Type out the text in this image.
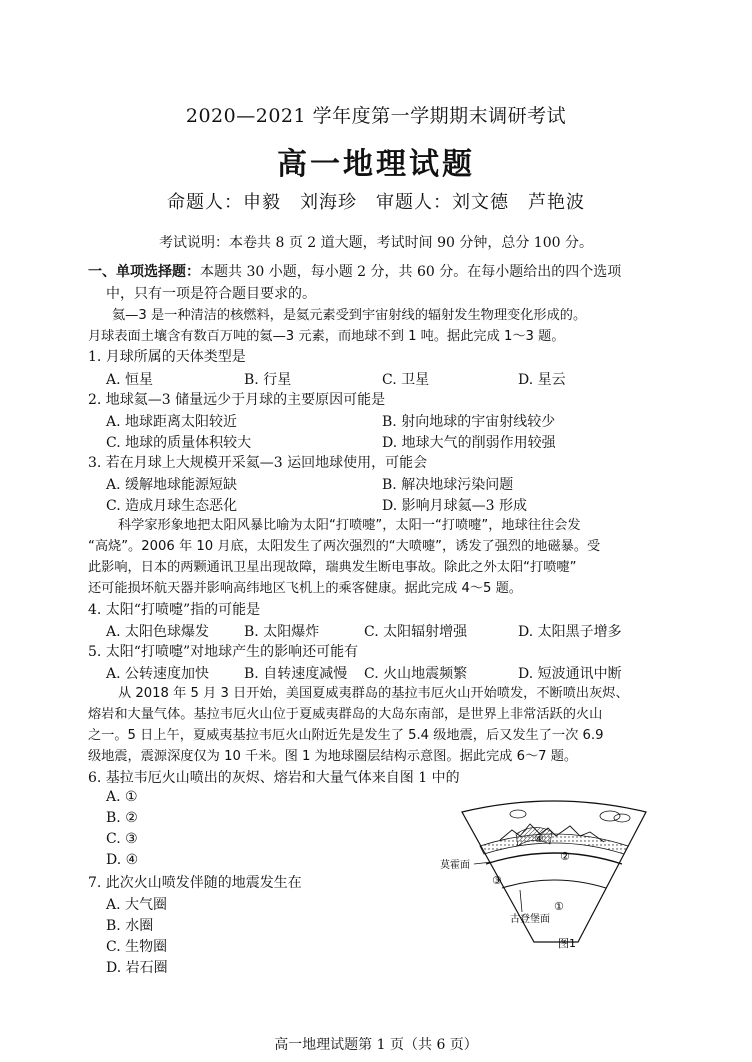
2020—2021 学年度第一学期期末调研考试
高一地理试题
命题人：申毅　刘海珍　审题人：刘文德　芦艳波
考试说明：本卷共 8 页 2 道大题，考试时间 90 分钟，总分 100 分。
一、单项选择题：本题共 30 小题，每小题 2 分，共 60 分。在每小题给出的四个选项
中，只有一项是符合题目要求的。
氦—3 是一种清洁的核燃料，是氦元素受到宇宙射线的辐射发生物理变化形成的。
月球表面土壤含有数百万吨的氦—3 元素，而地球不到 1 吨。据此完成 1～3 题。
1. 月球所属的天体类型是
A. 恒星	B. 行星	C. 卫星	D. 星云
2. 地球氦—3 储量远少于月球的主要原因可能是
A. 地球距离太阳较近	B. 射向地球的宇宙射线较少
C. 地球的质量体积较大	D. 地球大气的削弱作用较强
3. 若在月球上大规模开采氦—3 运回地球使用，可能会
A. 缓解地球能源短缺	B. 解决地球污染问题
C. 造成月球生态恶化	D. 影响月球氦—3 形成
科学家形象地把太阳风暴比喻为太阳“打喷嚏”，太阳一“打喷嚏”，地球往往会发
“高烧”。2006 年 10 月底，太阳发生了两次强烈的“大喷嚏”，诱发了强烈的地磁暴。受
此影响，日本的两颗通讯卫星出现故障，瑞典发生断电事故。除此之外太阳“打喷嚏”
还可能损坏航天器并影响高纬地区飞机上的乘客健康。据此完成 4～5 题。
4. 太阳“打喷嚏”指的可能是
A. 太阳色球爆发 B. 太阳爆炸	C. 太阳辐射增强	D. 太阳黑子增多
5. 太阳“打喷嚏”对地球产生的影响还可能有
A. 公转速度加快 B. 自转速度减慢 C. 火山地震频繁	D. 短波通讯中断
从 2018 年 5 月 3 日开始，美国夏威夷群岛的基拉韦厄火山开始喷发，不断喷出灰烬、
熔岩和大量气体。基拉韦厄火山位于夏威夷群岛的大岛东南部，是世界上非常活跃的火山
之一。5 日上午，夏威夷基拉韦厄火山附近先是发生了 5.4 级地震，后又发生了一次 6.9
级地震，震源深度仅为 10 千米。图 1 为地球圈层结构示意图。据此完成 6～7 题。
6. 基拉韦厄火山喷出的灰烬、熔岩和大量气体来自图 1 中的
A. ①
B. ②
C. ③
D. ④
7. 此次火山喷发伴随的地震发生在
A. 大气圈
B. 水圈
C. 生物圈
D. 岩石圈
④
②
③
①
莫霍面
古登堡面
图1
高一地理试题第 1 页（共 6 页）
